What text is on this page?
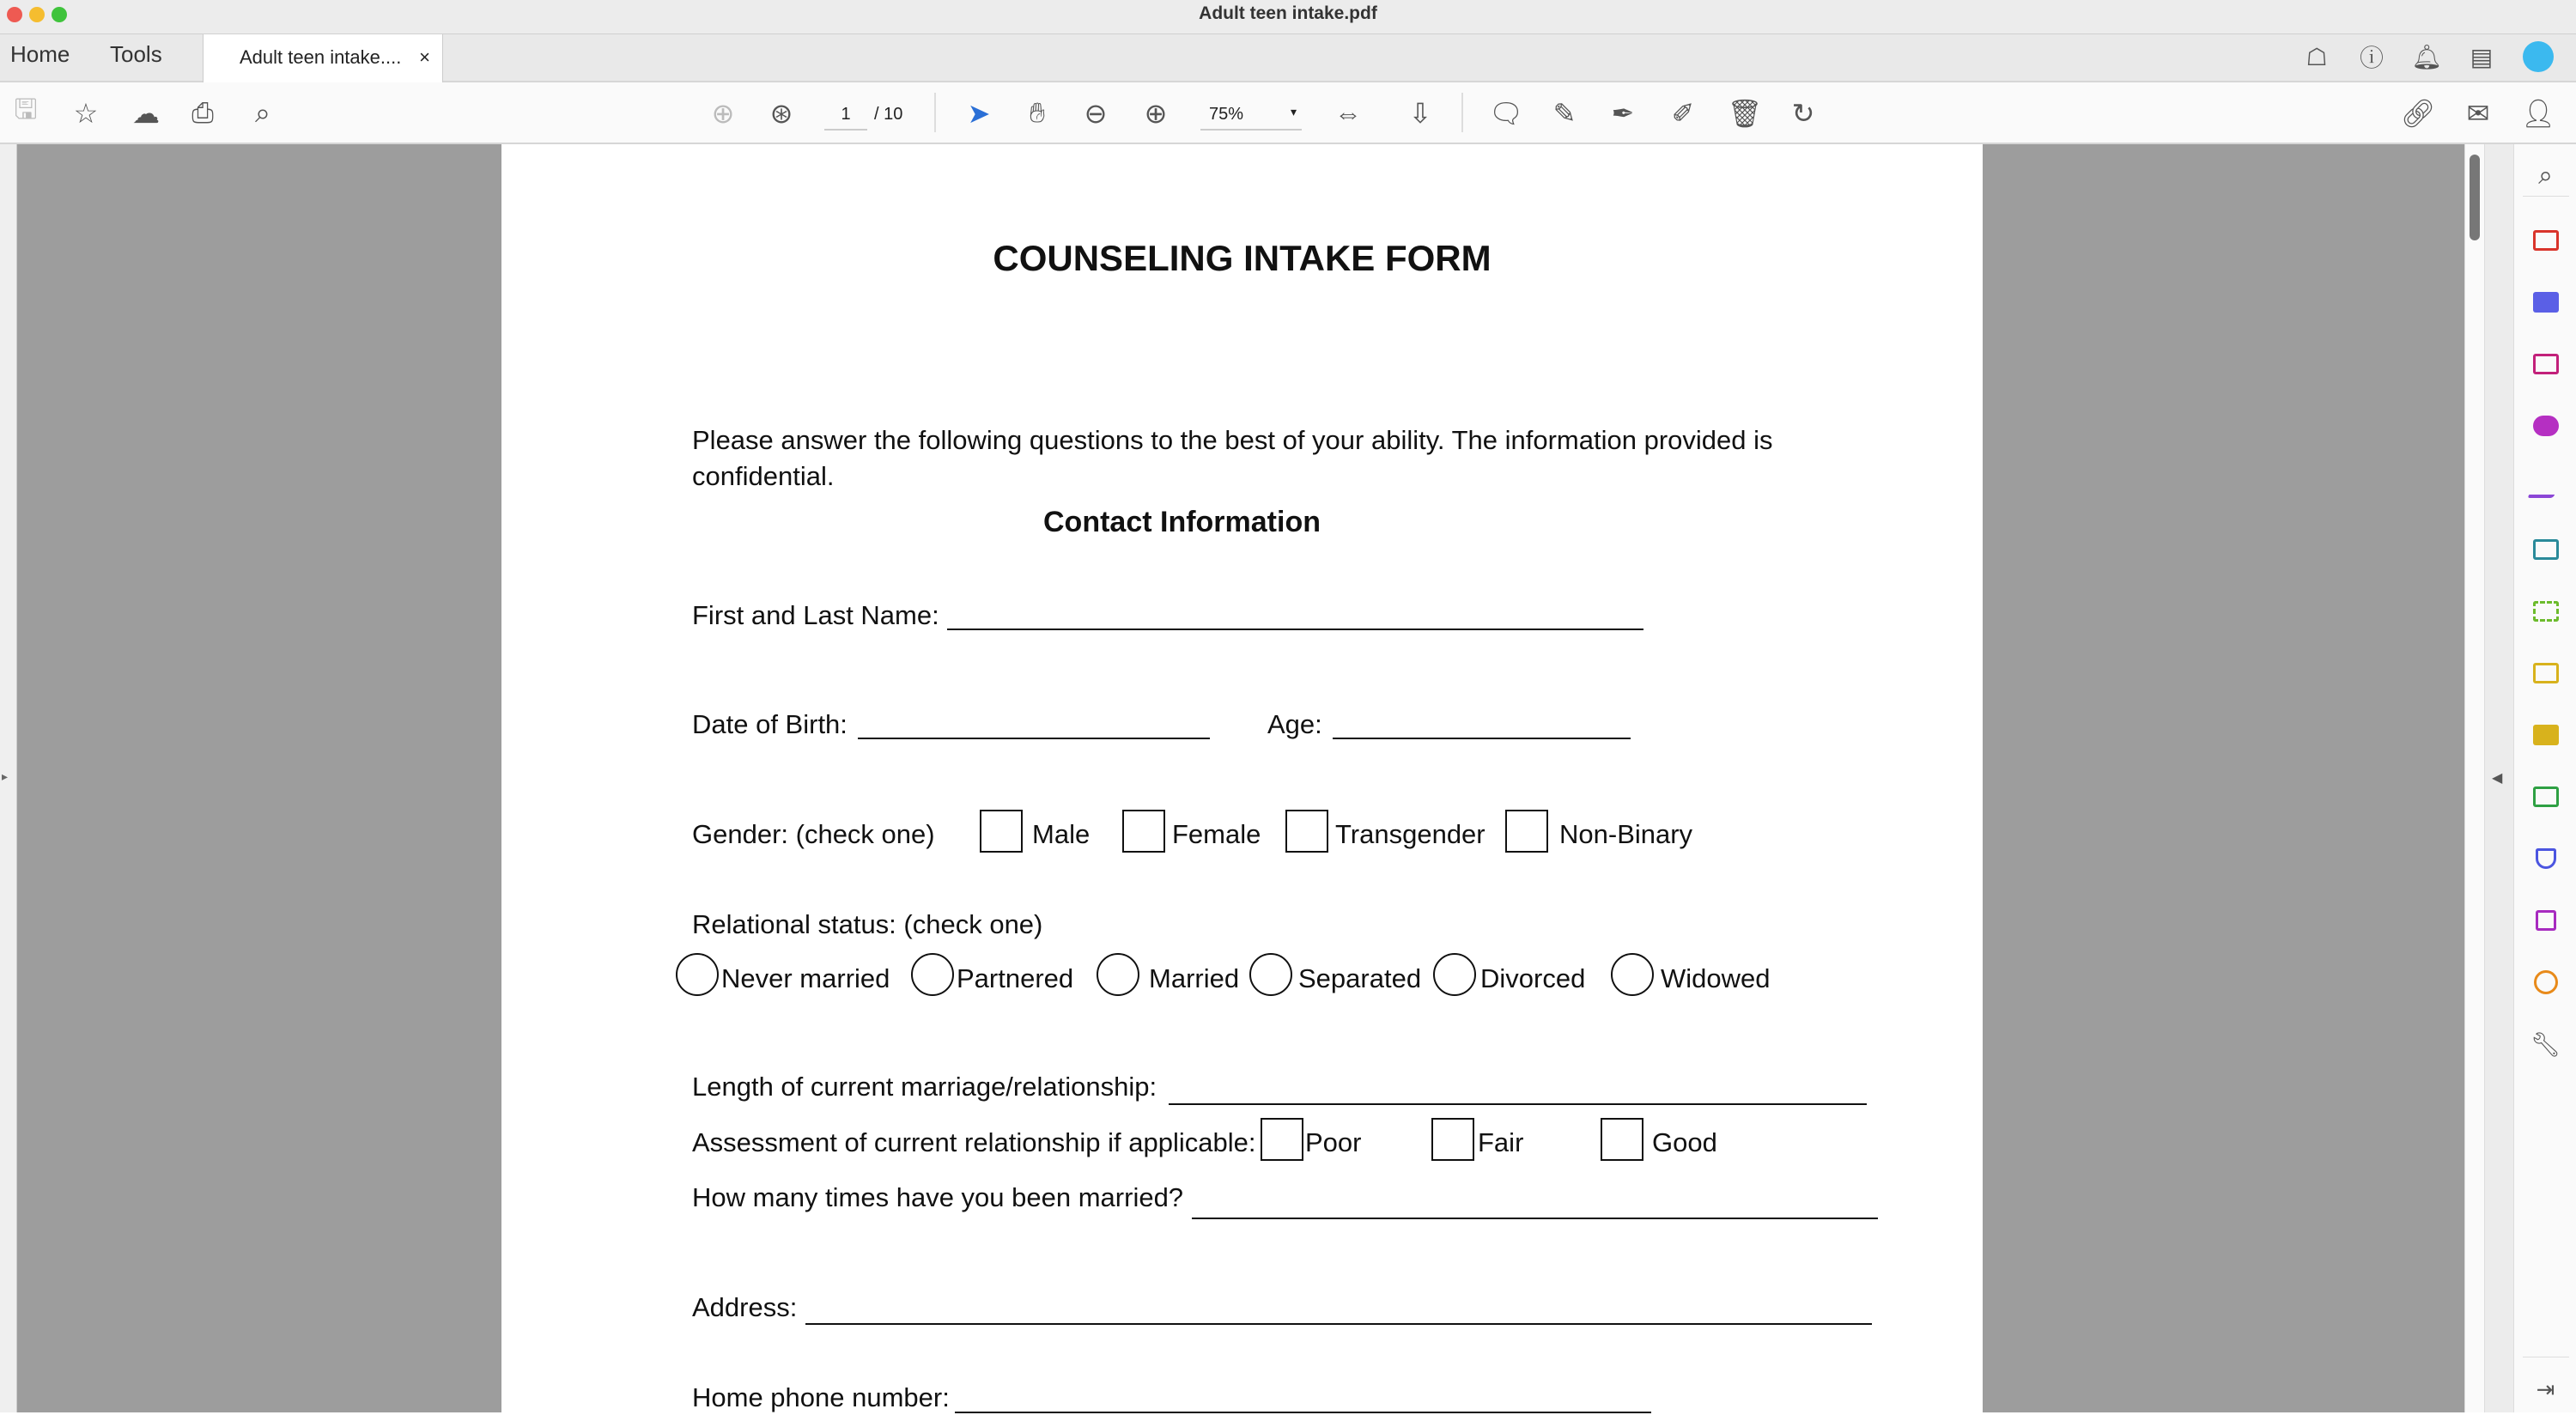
Adult teen intake.pdf
Home Tools	Adult teen intake.... ×	☖	ⓘ 🔔︎	▤
🖫 ☆ ☁ ⎙	⌕	⊕ ⊛	1	/ 10 ➤	✋︎	⊖ ⊕	75%	▾ ⇔ ⇩ 🗨︎ ✎ ✒ ✐ 🗑︎ ↻	🔗︎ ✉ 👤︎
▸
COUNSELING INTAKE FORM
Please answer the following questions to the best of your ability. The information provided is
confidential.
Contact Information
First and Last Name:
Date of Birth:	Age:
Gender: (check one)	Male	Female	Transgender	Non-Binary
Relational status: (check one)
Never married	Partnered	Married Separated Divorced	Widowed
Length of current marriage/relationship:
Assessment of current relationship if applicable: Poor	Fair	Good
How many times have you been married?
Address:
Home phone number:
◀
⌕
🔧︎
⇥
